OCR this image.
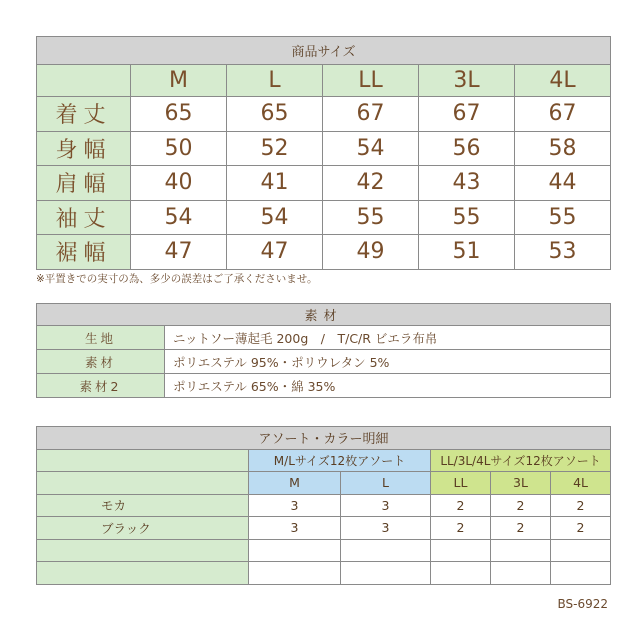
商品サイズ					
	M	L	LL	3L	4L
着丈	65	65	67	67	67
身幅	50	52	54	56	58
肩幅	40	41	42	43	44
袖丈	54	54	55	55	55
裾幅	47	47	49	51	53
※平置きでの実寸の為、多少の誤差はご了承くださいませ。
素材	
生地	ニットソー薄起毛 200g　/　T/C/R ビエラ布帛
素材	ポリエステル 95%・ポリウレタン 5%
素材2	ポリエステル 65%・綿 35%
アソート・カラー明細					
	M/Lサイズ12枚アソート		LL/3L/4Lサイズ12枚アソート		
	M	L	LL	3L	4L
モカ	3	3	2	2	2
ブラック	3	3	2	2	2

BS-6922
